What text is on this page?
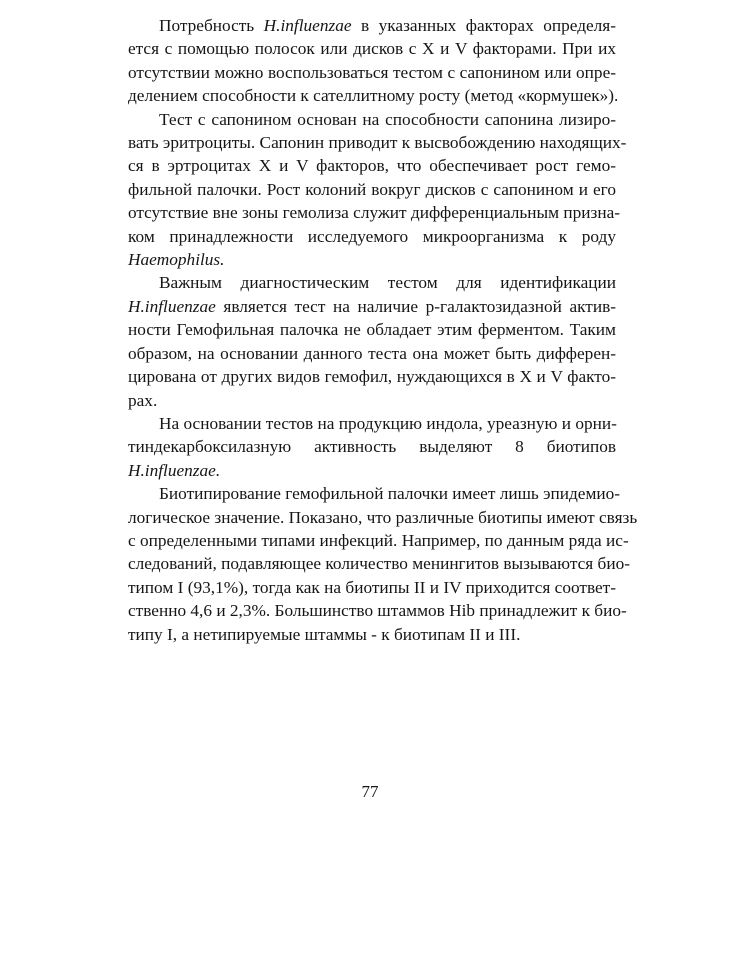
Потребность H.influenzae в указанных факторах определя-
ется с помощью полосок или дисков с X и V факторами. При их
отсутствии можно воспользоваться тестом с сапонином или опре-
делением способности к сателлитному росту (метод «кормушек»).

Тест с сапонином основан на способности сапонина лизиро-
вать эритроциты. Сапонин приводит к высвобождению находящих-
ся в эртроцитах X и V факторов, что обеспечивает рост гемо-
фильной палочки. Рост колоний вокруг дисков с сапонином и его
отсутствие вне зоны гемолиза служит дифференциальным призна-
ком принадлежности исследуемого микроорганизма к роду
Haemophilus.

Важным диагностическим тестом для идентификации
H.influenzae является тест на наличие р-галактозидазной актив-
ности Гемофильная палочка не обладает этим ферментом. Таким
образом, на основании данного теста она может быть дифферен-
цирована от других видов гемофил, нуждающихся в X и V факто-
рах.

На основании тестов на продукцию индола, уреазную и орни-
тиндекарбоксилазную активность выделяют 8 биотипов
H.influenzae.

Биотипирование гемофильной палочки имеет лишь эпидемио-
логическое значение. Показано, что различные биотипы имеют связь
с определенными типами инфекций. Например, по данным ряда ис-
следований, подавляющее количество менингитов вызываются био-
типом I (93,1%), тогда как на биотипы II и IV приходится соответ-
ственно 4,6 и 2,3%. Большинство штаммов Hib принадлежит к био-
типу I, а нетипируемые штаммы - к биотипам II и III.

77
